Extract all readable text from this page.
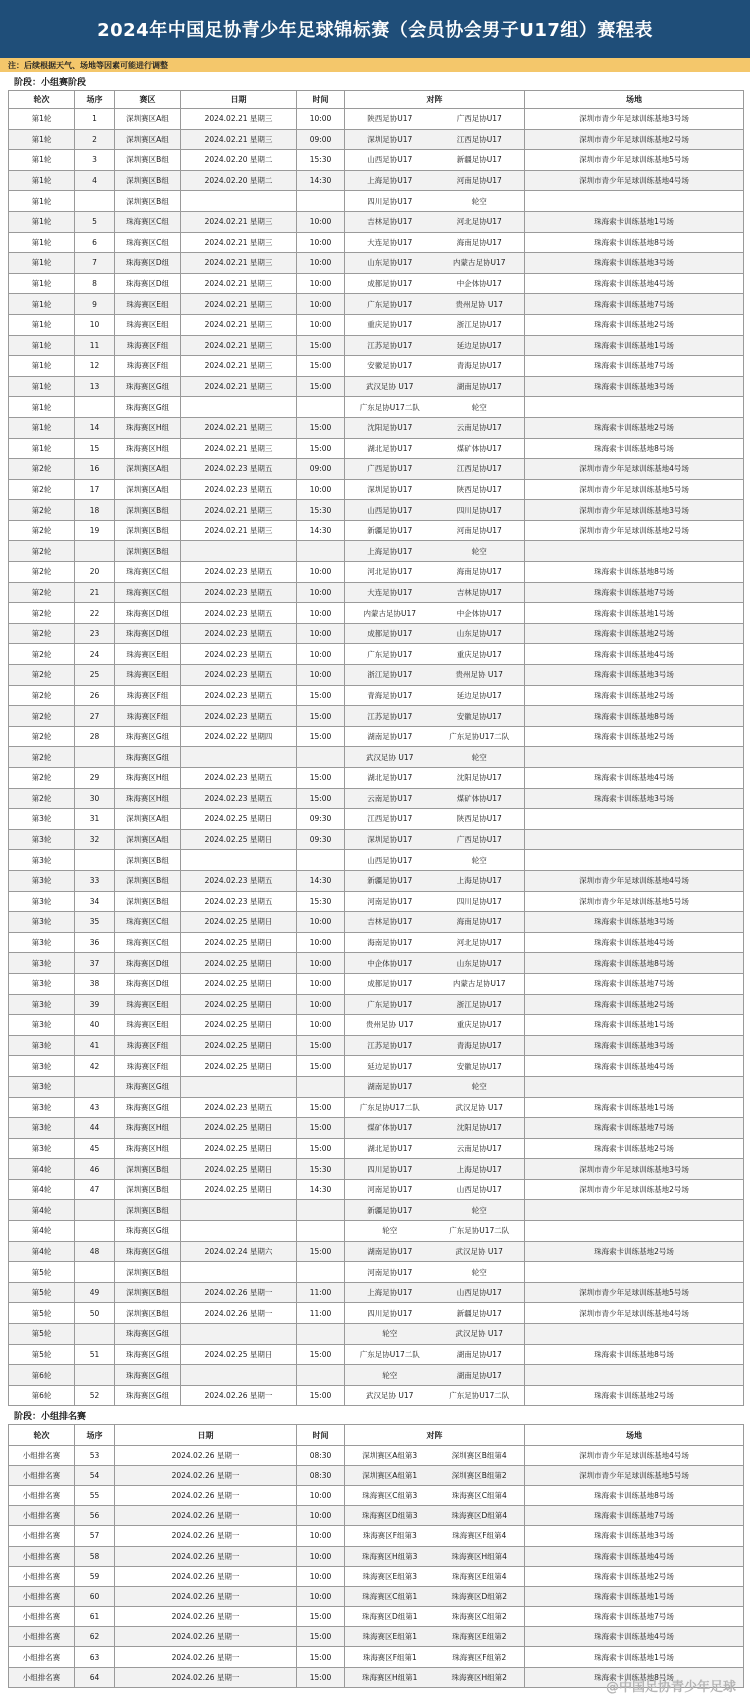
2024年中国足协青少年足球锦标赛（会员协会男子U17组）赛程表
注：后续根据天气、场地等因素可能进行调整
阶段：小组赛阶段
轮次	场序	赛区	日期	时间	对阵	场地
第1轮	1	深圳赛区A组	2024.02.21 星期三	10:00	陕西足协U17 广西足协U17	深圳市青少年足球训练基地3号场
第1轮	2	深圳赛区A组	2024.02.21 星期三	09:00	深圳足协U17 江西足协U17	深圳市青少年足球训练基地2号场
第1轮	3	深圳赛区B组	2024.02.20 星期二	15:30	山西足协U17 新疆足协U17	深圳市青少年足球训练基地5号场
第1轮	4	深圳赛区B组	2024.02.20 星期二	14:30	上海足协U17 河南足协U17	深圳市青少年足球训练基地4号场
第1轮		深圳赛区B组			四川足协U17 轮空	

第1轮	5	珠海赛区C组	2024.02.21 星期三	10:00	吉林足协U17 河北足协U17	珠海索卡训练基地1号场
第1轮	6	珠海赛区C组	2024.02.21 星期三	10:00	大连足协U17 海南足协U17	珠海索卡训练基地8号场
第1轮	7	珠海赛区D组	2024.02.21 星期三	10:00	山东足协U17 内蒙古足协U17	珠海索卡训练基地3号场
第1轮	8	珠海赛区D组	2024.02.21 星期三	10:00	成都足协U17 中企体协U17	珠海索卡训练基地4号场
第1轮	9	珠海赛区E组	2024.02.21 星期三	10:00	广东足协U17 贵州足协 U17	珠海索卡训练基地7号场
第1轮	10	珠海赛区E组	2024.02.21 星期三	10:00	重庆足协U17 浙江足协U17	珠海索卡训练基地2号场
第1轮	11	珠海赛区F组	2024.02.21 星期三	15:00	江苏足协U17 延边足协U17	珠海索卡训练基地1号场
第1轮	12	珠海赛区F组	2024.02.21 星期三	15:00	安徽足协U17 青海足协U17	珠海索卡训练基地7号场
第1轮	13	珠海赛区G组	2024.02.21 星期三	15:00	武汉足协 U17 湖南足协U17	珠海索卡训练基地3号场
第1轮		珠海赛区G组			广东足协U17二队 轮空	

第1轮	14	珠海赛区H组	2024.02.21 星期三	15:00	沈阳足协U17 云南足协U17	珠海索卡训练基地2号场
第1轮	15	珠海赛区H组	2024.02.21 星期三	15:00	湖北足协U17 煤矿体协U17	珠海索卡训练基地8号场
第2轮	16	深圳赛区A组	2024.02.23 星期五	09:00	广西足协U17 江西足协U17	深圳市青少年足球训练基地4号场
第2轮	17	深圳赛区A组	2024.02.23 星期五	10:00	深圳足协U17 陕西足协U17	深圳市青少年足球训练基地5号场
第2轮	18	深圳赛区B组	2024.02.21 星期三	15:30	山西足协U17 四川足协U17	深圳市青少年足球训练基地3号场
第2轮	19	深圳赛区B组	2024.02.21 星期三	14:30	新疆足协U17 河南足协U17	深圳市青少年足球训练基地2号场
第2轮		深圳赛区B组			上海足协U17 轮空	

第2轮	20	珠海赛区C组	2024.02.23 星期五	10:00	河北足协U17 海南足协U17	珠海索卡训练基地8号场
第2轮	21	珠海赛区C组	2024.02.23 星期五	10:00	大连足协U17 吉林足协U17	珠海索卡训练基地7号场
第2轮	22	珠海赛区D组	2024.02.23 星期五	10:00	内蒙古足协U17 中企体协U17	珠海索卡训练基地1号场
第2轮	23	珠海赛区D组	2024.02.23 星期五	10:00	成都足协U17 山东足协U17	珠海索卡训练基地2号场
第2轮	24	珠海赛区E组	2024.02.23 星期五	10:00	广东足协U17 重庆足协U17	珠海索卡训练基地4号场
第2轮	25	珠海赛区E组	2024.02.23 星期五	10:00	浙江足协U17 贵州足协 U17	珠海索卡训练基地3号场
第2轮	26	珠海赛区F组	2024.02.23 星期五	15:00	青海足协U17 延边足协U17	珠海索卡训练基地2号场
第2轮	27	珠海赛区F组	2024.02.23 星期五	15:00	江苏足协U17 安徽足协U17	珠海索卡训练基地8号场
第2轮	28	珠海赛区G组	2024.02.22 星期四	15:00	湖南足协U17 广东足协U17二队	珠海索卡训练基地2号场
第2轮		珠海赛区G组			武汉足协 U17 轮空	

第2轮	29	珠海赛区H组	2024.02.23 星期五	15:00	湖北足协U17 沈阳足协U17	珠海索卡训练基地4号场
第2轮	30	珠海赛区H组	2024.02.23 星期五	15:00	云南足协U17 煤矿体协U17	珠海索卡训练基地3号场
第3轮	31	深圳赛区A组	2024.02.25 星期日	09:30	江西足协U17 陕西足协U17	

第3轮	32	深圳赛区A组	2024.02.25 星期日	09:30	深圳足协U17 广西足协U17	

第3轮		深圳赛区B组			山西足协U17 轮空	

第3轮	33	深圳赛区B组	2024.02.23 星期五	14:30	新疆足协U17 上海足协U17	深圳市青少年足球训练基地4号场
第3轮	34	深圳赛区B组	2024.02.23 星期五	15:30	河南足协U17 四川足协U17	深圳市青少年足球训练基地5号场
第3轮	35	珠海赛区C组	2024.02.25 星期日	10:00	吉林足协U17 海南足协U17	珠海索卡训练基地3号场
第3轮	36	珠海赛区C组	2024.02.25 星期日	10:00	海南足协U17 河北足协U17	珠海索卡训练基地4号场
第3轮	37	珠海赛区D组	2024.02.25 星期日	10:00	中企体协U17 山东足协U17	珠海索卡训练基地8号场
第3轮	38	珠海赛区D组	2024.02.25 星期日	10:00	成都足协U17 内蒙古足协U17	珠海索卡训练基地7号场
第3轮	39	珠海赛区E组	2024.02.25 星期日	10:00	广东足协U17 浙江足协U17	珠海索卡训练基地2号场
第3轮	40	珠海赛区E组	2024.02.25 星期日	10:00	贵州足协 U17 重庆足协U17	珠海索卡训练基地1号场
第3轮	41	珠海赛区F组	2024.02.25 星期日	15:00	江苏足协U17 青海足协U17	珠海索卡训练基地3号场
第3轮	42	珠海赛区F组	2024.02.25 星期日	15:00	延边足协U17 安徽足协U17	珠海索卡训练基地4号场
第3轮		珠海赛区G组			湖南足协U17 轮空	

第3轮	43	珠海赛区G组	2024.02.23 星期五	15:00	广东足协U17二队 武汉足协 U17	珠海索卡训练基地1号场
第3轮	44	珠海赛区H组	2024.02.25 星期日	15:00	煤矿体协U17 沈阳足协U17	珠海索卡训练基地7号场
第3轮	45	珠海赛区H组	2024.02.25 星期日	15:00	湖北足协U17 云南足协U17	珠海索卡训练基地2号场
第4轮	46	深圳赛区B组	2024.02.25 星期日	15:30	四川足协U17 上海足协U17	深圳市青少年足球训练基地3号场
第4轮	47	深圳赛区B组	2024.02.25 星期日	14:30	河南足协U17 山西足协U17	深圳市青少年足球训练基地2号场
第4轮		深圳赛区B组			新疆足协U17 轮空	

第4轮		珠海赛区G组			轮空 广东足协U17二队	

第4轮	48	珠海赛区G组	2024.02.24 星期六	15:00	湖南足协U17 武汉足协 U17	珠海索卡训练基地2号场
第5轮		深圳赛区B组			河南足协U17 轮空	

第5轮	49	深圳赛区B组	2024.02.26 星期一	11:00	上海足协U17 山西足协U17	深圳市青少年足球训练基地5号场
第5轮	50	深圳赛区B组	2024.02.26 星期一	11:00	四川足协U17 新疆足协U17	深圳市青少年足球训练基地4号场
第5轮		珠海赛区G组			轮空 武汉足协 U17	

第5轮	51	珠海赛区G组	2024.02.25 星期日	15:00	广东足协U17二队 湖南足协U17	珠海索卡训练基地8号场
第6轮		珠海赛区G组			轮空 湖南足协U17	

第6轮	52	珠海赛区G组	2024.02.26 星期一	15:00	武汉足协 U17 广东足协U17二队	珠海索卡训练基地2号场
阶段：小组排名赛
轮次	场序	日期	时间	对阵	场地
小组排名赛	53	2024.02.26 星期一	08:30	深圳赛区A组第3 深圳赛区B组第4	深圳市青少年足球训练基地4号场
小组排名赛	54	2024.02.26 星期一	08:30	深圳赛区A组第1 深圳赛区B组第2	深圳市青少年足球训练基地5号场
小组排名赛	55	2024.02.26 星期一	10:00	珠海赛区C组第3 珠海赛区C组第4	珠海索卡训练基地8号场
小组排名赛	56	2024.02.26 星期一	10:00	珠海赛区D组第3 珠海赛区D组第4	珠海索卡训练基地7号场
小组排名赛	57	2024.02.26 星期一	10:00	珠海赛区F组第3 珠海赛区F组第4	珠海索卡训练基地3号场
小组排名赛	58	2024.02.26 星期一	10:00	珠海赛区H组第3 珠海赛区H组第4	珠海索卡训练基地4号场
小组排名赛	59	2024.02.26 星期一	10:00	珠海赛区E组第3 珠海赛区E组第4	珠海索卡训练基地2号场
小组排名赛	60	2024.02.26 星期一	10:00	珠海赛区C组第1 珠海赛区D组第2	珠海索卡训练基地1号场
小组排名赛	61	2024.02.26 星期一	15:00	珠海赛区D组第1 珠海赛区C组第2	珠海索卡训练基地7号场
小组排名赛	62	2024.02.26 星期一	15:00	珠海赛区E组第1 珠海赛区E组第2	珠海索卡训练基地4号场
小组排名赛	63	2024.02.26 星期一	15:00	珠海赛区F组第1 珠海赛区F组第2	珠海索卡训练基地1号场
小组排名赛	64	2024.02.26 星期一	15:00	珠海赛区H组第1 珠海赛区H组第2	珠海索卡训练基地8号场
@中国足协青少年足球
